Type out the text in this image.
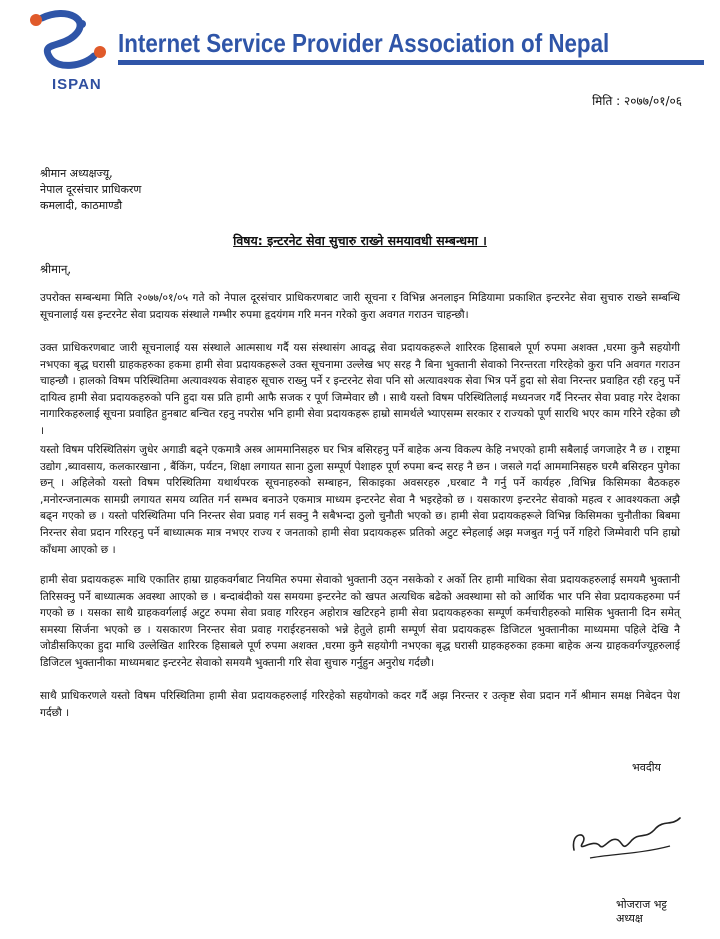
ISPAN
Internet Service Provider Association of Nepal
मिति : २०७७/०१/०६
श्रीमान अध्यक्षज्यू,
नेपाल दूरसंचार प्राधिकरण
कमलादी, काठमाण्डौ
विषय: इन्टरनेट सेवा सुचारु राख्ने समयावधी सम्बन्धमा ।
श्रीमान्,

उपरोक्त सम्बन्धमा मिति २०७७/०१/०५ गते को नेपाल दूरसंचार प्राधिकरणबाट जारी सूचना र विभिन्न अनलाइन मिडियामा प्रकाशित इन्टरनेट सेवा सुचारु राख्ने सम्बन्धि सूचनालाई यस इन्टरनेट सेवा प्रदायक संस्थाले गम्भीर रुपमा हृदयंगम गरि मनन गरेको कुरा अवगत गराउन चाहन्छौ।

उक्त प्राधिकरणबाट जारी सूचनालाई यस संस्थाले आत्मसाथ गर्दै यस संस्थासंग आवद्ध सेवा प्रदायकहरूले शारिरक हिसाबले पूर्ण रुपमा अशक्त ,घरमा कुनै सहयोगी नभएका बृद्ध घरासी ग्राहकहरुका हकमा हामी सेवा प्रदायकहरूले उक्त सूचनामा उल्लेख भए सरह नै बिना भुक्तानी सेवाको निरन्तरता गरिरहेको कुरा पनि अवगत गराउन चाहन्छौ । हालको विषम परिस्थितिमा अत्यावश्यक सेवाहरु सूचारु राख्नु पर्ने र इन्टरनेट सेवा पनि सो अत्यावश्यक सेवा भित्र पर्ने हुदा सो सेवा निरन्तर प्रवाहित रही रहनु पर्ने दायित्व हामी सेवा प्रदायकहरुको पनि हुदा यस प्रति हामी आफै सजक र पूर्ण जिम्मेवार छौ । साथै यस्तो विषम परिस्थितिलाई मध्यनजर गर्दै निरन्तर सेवा प्रवाह गरेर देशका नागारिकहरुलाई सूचना प्रवाहित हुनबाट बन्चित रहनु नपरोस भनि हामी सेवा प्रदायकहरू हाम्रो सामर्थले भ्याएसम्म सरकार र राज्यको पूर्ण सारथि भएर काम गरिने रहेका छौ ।

यस्तो विषम परिस्थितिसंग जुधेर अगाडी बढ्ने एकमात्रै अस्त्र आममानिसहरु घर भित्र बसिरहनु पर्ने बाहेक अन्य विकल्प केहि नभएको हामी सबैलाई जगजाहेर नै छ । राष्ट्रमा उद्योग ,ब्यावसाय, कलकारखाना , बैंकिंग, पर्यटन, शिक्षा लगायत साना ठुला सम्पूर्ण पेशाहरु पूर्ण रुपमा बन्द सरह नै छन । जसले गर्दा आममानिसहरु घरमै बसिरहन पुगेका छन् । अहिलेको यस्तो विषम परिस्थितिमा यथार्थपरक सूचनाहरुको सम्बाहन, सिकाइका अवसरहरु ,घरबाट नै गर्नु पर्ने कार्यहरु ,विभिन्न किसिमका बैठकहरु ,मनोरन्जनात्मक सामग्री लगायत समय व्यतित गर्न सम्भव बनाउने एकमात्र माध्यम इन्टरनेट सेवा नै भइरहेको छ । यसकारण इन्टरनेट सेवाको महत्व र आवश्यकता अझै बढ्न गएको छ । यस्तो परिस्थितिमा पनि निरन्तर सेवा प्रवाह गर्न सक्नु नै सबैभन्दा ठुलो चुनौती भएको छ। हामी सेवा प्रदायकहरूले विभिन्न किसिमका चुनौतीका बिबमा निरन्तर सेवा प्रदान गरिरहनु पर्ने बाध्यात्मक मात्र नभएर राज्य र जनताको हामी सेवा प्रदायकहरू प्रतिको अटुट स्नेहलाई अझ मजबुत गर्नु पर्ने गहिरो जिम्मेवारी पनि हाम्रो काँधमा आएको छ ।

हामी सेवा प्रदायकहरू माथि एकातिर हाम्रा ग्राहकवर्गबाट नियमित रुपमा सेवाको भुक्तानी उठ्न नसकेको र अर्को तिर हामी माथिका सेवा प्रदायकहरुलाई समयमै भुक्तानी तिरिसक्नु पर्ने बाध्यात्मक अवस्था आएको छ । बन्दाबंदीको यस समयमा इन्टरनेट को खपत अत्यधिक बढेको अवस्थामा सो को आर्थिक भार पनि सेवा प्रदायकहरुमा पर्न गएको छ । यसका साथै ग्राहकवर्गलाई अटुट रुपमा सेवा प्रवाह गरिरहन अहोरात्र खटिरहने हामी सेवा प्रदायकहरुका सम्पूर्ण कर्मचारीहरुको मासिक भुक्तानी दिन समेत् समस्या सिर्जना भएको छ । यसकारण निरन्तर सेवा प्रवाह गराईरहनसको भन्ने हेतुले हामी सम्पूर्ण सेवा प्रदायकहरू डिजिटल भुक्तानीका माध्यममा पहिले देखि नै जोडीसकिएका हुदा माथि उल्लेखित शारिरक हिसाबले पूर्ण रुपमा अशक्त ,घरमा कुनै सहयोगी नभएका बृद्ध घरासी ग्राहकहरुका हकमा बाहेक अन्य ग्राहकवर्गज्यूहरुलाई डिजिटल भुक्तानीका माध्यमबाट इन्टरनेट सेवाको समयमै भुक्तानी गरि सेवा सुचारु गर्नुहुन अनुरोध गर्दछौ।

साथै प्राधिकरणले यस्तो विषम परिस्थितिमा हामी सेवा प्रदायकहरुलाई गरिरहेको सहयोगको कदर गर्दै अझ निरन्तर र उत्कृष्ट सेवा प्रदान गर्ने श्रीमान समक्ष निबेदन पेश गर्दछौ ।

भवदीय
भोजराज भट्ट
अध्यक्ष
